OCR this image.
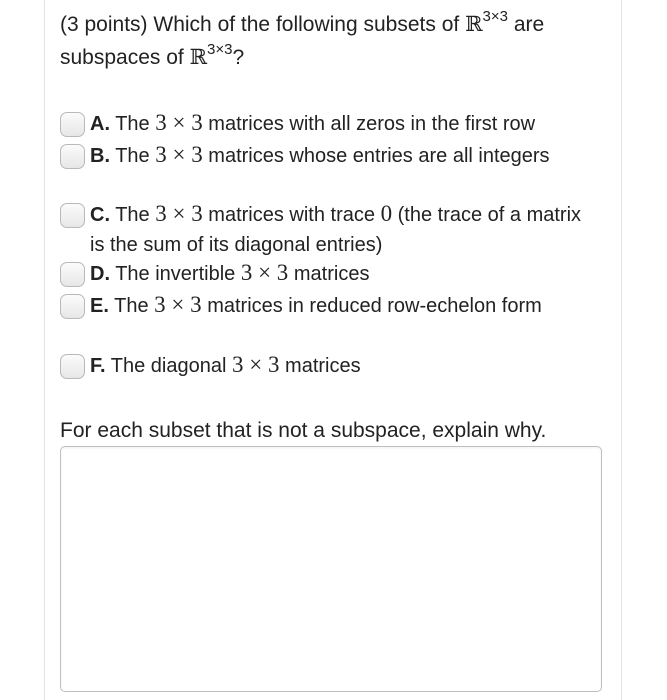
(3 points) Which of the following subsets of ℝ$^{3\times 3}$ are subspaces of ℝ$^{3\times 3}$?
A. The 3 × 3 matrices with all zeros in the first row
B. The 3 × 3 matrices whose entries are all integers
C. The 3 × 3 matrices with trace 0 (the trace of a matrix is the sum of its diagonal entries)
D. The invertible 3 × 3 matrices
E. The 3 × 3 matrices in reduced row-echelon form
F. The diagonal 3 × 3 matrices
For each subset that is not a subspace, explain why.
